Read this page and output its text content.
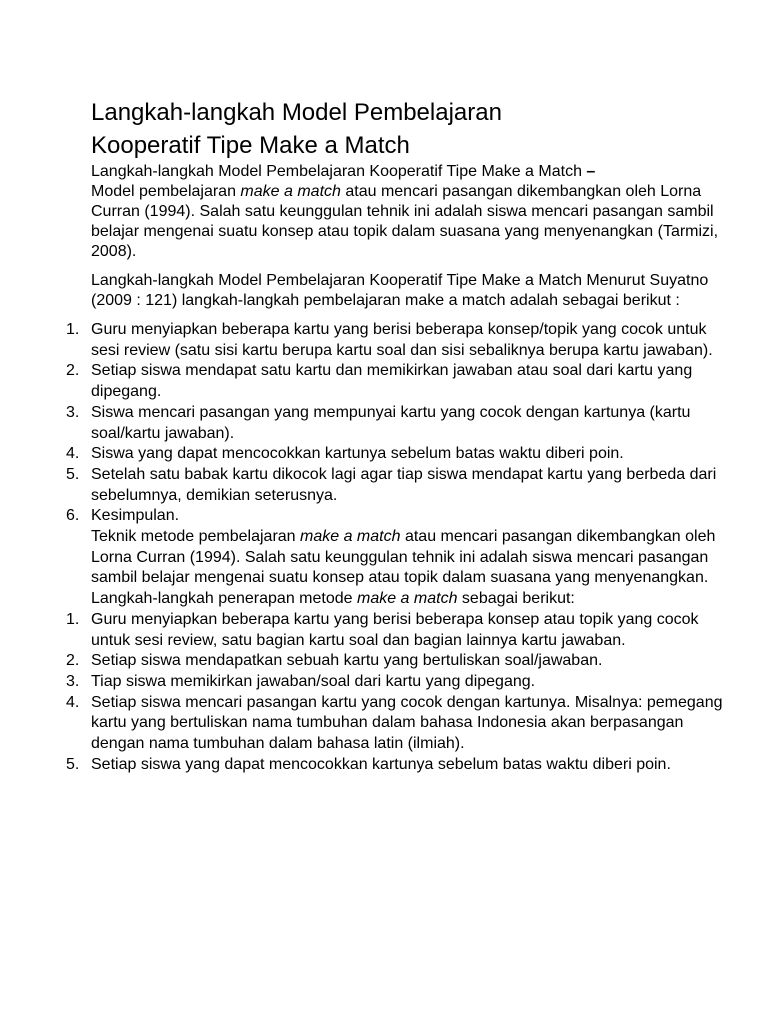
Langkah-langkah Model Pembelajaran
Kooperatif Tipe Make a Match

Langkah-langkah Model Pembelajaran Kooperatif Tipe Make a Match –
Model pembelajaran make a match atau mencari pasangan dikembangkan oleh Lorna Curran (1994). Salah satu keunggulan tehnik ini adalah siswa mencari pasangan sambil belajar mengenai suatu konsep atau topik dalam suasana yang menyenangkan (Tarmizi, 2008).

Langkah-langkah Model Pembelajaran Kooperatif Tipe Make a Match Menurut Suyatno (2009 : 121) langkah-langkah pembelajaran make a match adalah sebagai berikut :

1. Guru menyiapkan beberapa kartu yang berisi beberapa konsep/topik yang cocok untuk sesi review (satu sisi kartu berupa kartu soal dan sisi sebaliknya berupa kartu jawaban).
2. Setiap siswa mendapat satu kartu dan memikirkan jawaban atau soal dari kartu yang dipegang.
3. Siswa mencari pasangan yang mempunyai kartu yang cocok dengan kartunya (kartu soal/kartu jawaban).
4. Siswa yang dapat mencocokkan kartunya sebelum batas waktu diberi poin.
5. Setelah satu babak kartu dikocok lagi agar tiap siswa mendapat kartu yang berbeda dari sebelumnya, demikian seterusnya.
6. Kesimpulan.
Teknik metode pembelajaran make a match atau mencari pasangan dikembangkan oleh Lorna Curran (1994). Salah satu keunggulan tehnik ini adalah siswa mencari pasangan sambil belajar mengenai suatu konsep atau topik dalam suasana yang menyenangkan. Langkah-langkah penerapan metode make a match sebagai berikut:
1. Guru menyiapkan beberapa kartu yang berisi beberapa konsep atau topik yang cocok untuk sesi review, satu bagian kartu soal dan bagian lainnya kartu jawaban.
2. Setiap siswa mendapatkan sebuah kartu yang bertuliskan soal/jawaban.
3. Tiap siswa memikirkan jawaban/soal dari kartu yang dipegang.
4. Setiap siswa mencari pasangan kartu yang cocok dengan kartunya. Misalnya: pemegang kartu yang bertuliskan nama tumbuhan dalam bahasa Indonesia akan berpasangan dengan nama tumbuhan dalam bahasa latin (ilmiah).
5. Setiap siswa yang dapat mencocokkan kartunya sebelum batas waktu diberi poin.
